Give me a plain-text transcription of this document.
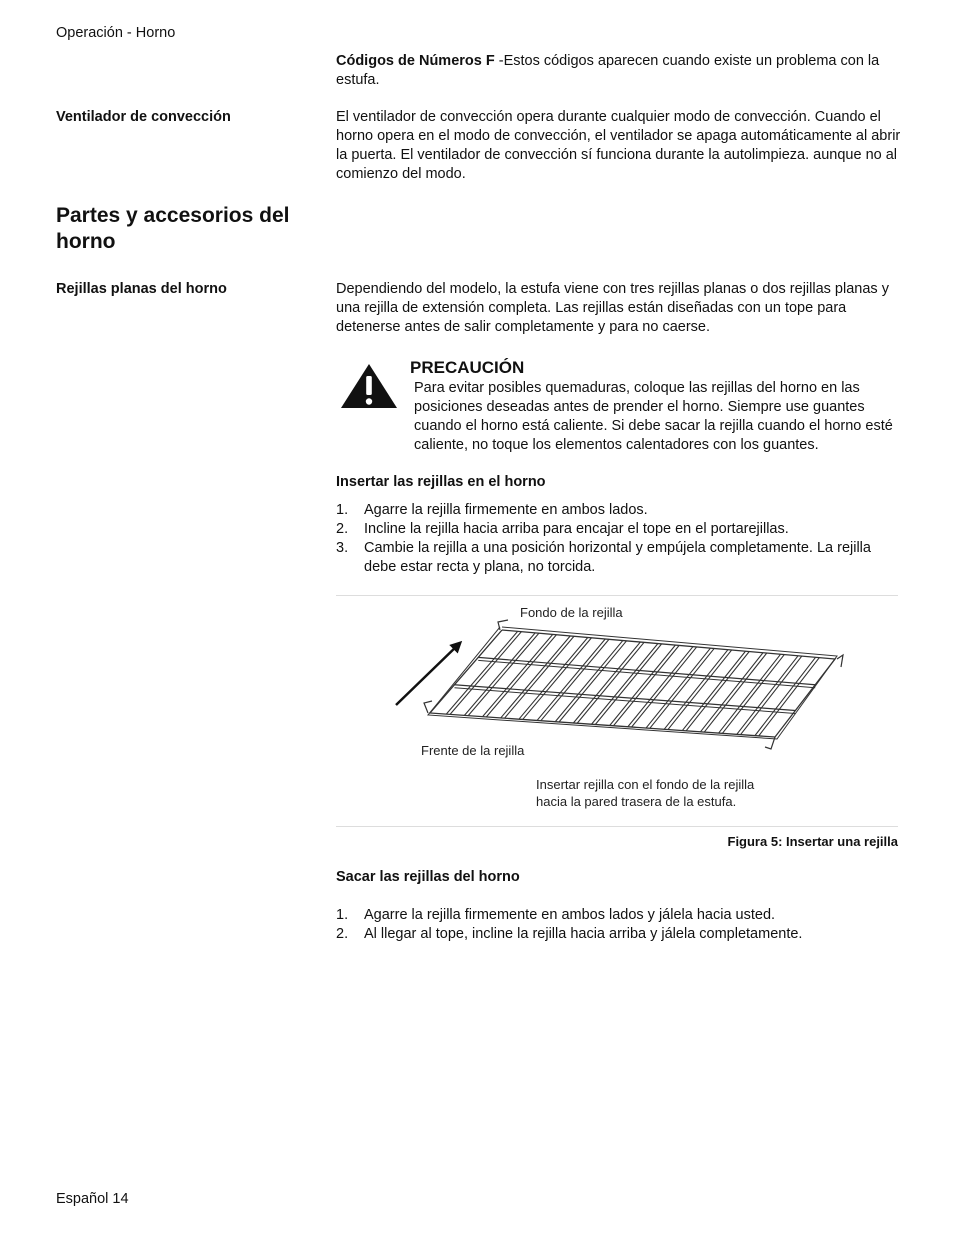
Operación - Horno
Códigos de Números F -Estos códigos aparecen cuando existe un problema con la estufa.
Ventilador de convección	El ventilador de convección opera durante cualquier modo de convección. Cuando el horno opera en el modo de convección, el ventilador se apaga automáticamente al abrir la puerta. El ventilador de convección sí funciona durante la autolimpieza. aunque no al comienzo del modo.
Partes y accesorios del horno
Rejillas planas del horno	Dependiendo del modelo, la estufa viene con tres rejillas planas o dos rejillas planas y una rejilla de extensión completa. Las rejillas están diseñadas con un tope para detenerse antes de salir completamente y para no caerse.
PRECAUCIÓN
Para evitar posibles quemaduras, coloque las rejillas del horno en las posiciones deseadas antes de prender el horno. Siempre use guantes cuando el horno está caliente. Si debe sacar la rejilla cuando el horno esté caliente, no toque los elementos calentadores con los guantes.
Insertar las rejillas en el horno
1. Agarre la rejilla firmemente en ambos lados.
2. Incline la rejilla hacia arriba para encajar el tope en el portarejillas.
3. Cambie la rejilla a una posición horizontal y empújela completamente. La rejilla debe estar recta y plana, no torcida.
Fondo de la rejilla
Frente de la rejilla
Insertar rejilla con el fondo de la rejilla
hacia la pared trasera de la estufa.
Figura 5: Insertar una rejilla
Sacar las rejillas del horno
1. Agarre la rejilla firmemente en ambos lados y jálela hacia usted.
2. Al llegar al tope, incline la rejilla hacia arriba y jálela completamente.
Español 14
